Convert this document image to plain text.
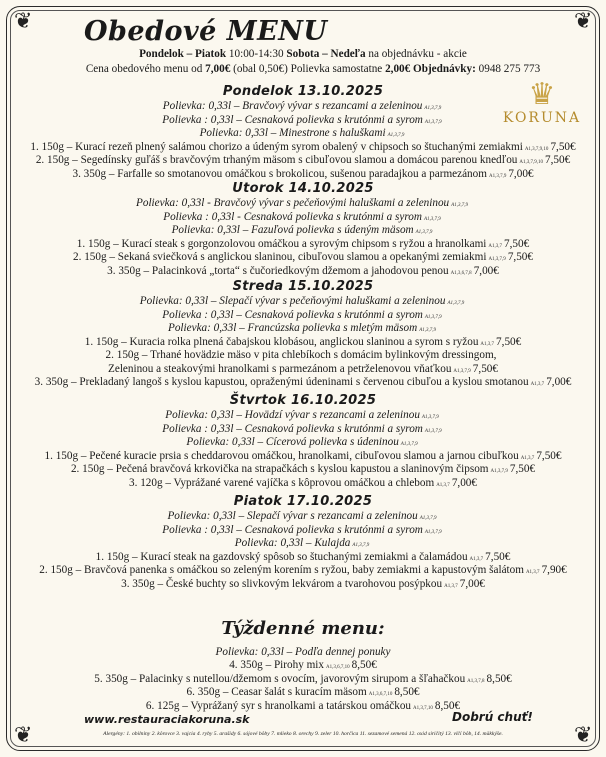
❦	❦
❦	❦
Obedové MENU
Pondelok – Piatok 10:00-14:30 Sobota – Nedeľa na objednávku - akcie
Cena obedového menu od 7,00€ (obal 0,50€) Polievka samostatne 2,00€ Objednávky: 0948 275 773
♛
KORUNA
Pondelok 13.10.2025
Polievka: 0,33l – Bravčový vývar s rezancami a zeleninou A1,3,7,9
Polievka : 0,33l – Cesnaková polievka s krutónmi a syrom A1,3,7,9
Polievka: 0,33l – Minestrone s haluškami A1,3,7,9
1. 150g – Kurací rezeň plnený salámou chorizo a údeným syrom obalený v chipsoch so štuchanými zemiakmi A1,3,7,9,10 7,50€
2. 150g – Segedínsky guľáš s bravčovým trhaným mäsom s cibuľovou slamou a domácou parenou knedľou A1,3,7,9,10 7,50€
3. 350g – Farfalle so smotanovou omáčkou s brokolicou, sušenou paradajkou a parmezánom A1,3,7,9 7,00€
Utorok 14.10.2025
Polievka: 0,33l - Bravčový vývar s pečeňovými haluškami a zeleninou A1,3,7,9
Polievka : 0,33l - Cesnaková polievka s krutónmi a syrom A1,3,7,9
Polievka: 0,33l – Fazuľová polievka s údeným mäsom A1,3,7,9
1. 150g – Kurací steak s gorgonzolovou omáčkou a syrovým chipsom s ryžou a hranolkami A1,3,7 7,50€
2. 150g – Sekaná sviečková s anglickou slaninou, cibuľovou slamou a opekanými zemiakmi A1,3,7,9 7,50€
3. 350g – Palacinková „torta“ s čučoriedkovým džemom a jahodovou penou A1,3,6,7,8 7,00€
Streda 15.10.2025
Polievka: 0,33l – Slepačí vývar s pečeňovými haluškami a zeleninou A1,3,7,9
Polievka : 0,33l – Cesnaková polievka s krutónmi a syrom A1,3,7,9
Polievka: 0,33l – Francúzska polievka s mletým mäsom A1,3,7,9
1. 150g – Kuracia rolka plnená čabajskou klobásou, anglickou slaninou a syrom s ryžou A1,3,7 7,50€
2. 150g – Trhané hovädzie mäso v pita chlebíkoch s domácim bylinkovým dressingom,
Zeleninou a steakovými hranolkami s parmezánom a petrželenovou vňaťkou A1,3,7,9 7,50€
3. 350g – Prekladaný langoš s kyslou kapustou, opraženými údeninami s červenou cibuľou a kyslou smotanou A1,3,7 7,00€
Štvrtok 16.10.2025
Polievka: 0,33l – Hovädzí vývar s rezancami a zeleninou A1,3,7,9
Polievka : 0,33l – Cesnaková polievka s krutónmi a syrom A1,3,7,9
Polievka: 0,33l – Cícerová polievka s údeninou A1,3,7,9
1. 150g – Pečené kuracie prsia s cheddarovou omáčkou, hranolkami, cibuľovou slamou a jarnou cibuľkou A1,3,7 7,50€
2. 150g – Pečená bravčová krkovička na strapačkách s kyslou kapustou a slaninovým čipsom A1,3,7,9 7,50€
3. 120g – Vyprážané varené vajíčka s kôprovou omáčkou a chlebom A1,3,7 7,00€
Piatok 17.10.2025
Polievka: 0,33l – Slepačí vývar s rezancami a zeleninou A1,3,7,9
Polievka : 0,33l – Cesnaková polievka s krutónmi a syrom A1,3,7,9
Polievka: 0,33l – Kulajda A1,3,7,9
1. 150g – Kurací steak na gazdovský spôsob so štuchanými zemiakmi a čalamádou A1,3,7 7,50€
2. 150g – Bravčová panenka s omáčkou so zeleným korením s ryžou, baby zemiakmi a kapustovým šalátom A1,3,7 7,90€
3. 350g – České buchty so slivkovým lekvárom a tvarohovou posýpkou A1,3,7 7,00€
Týždenné menu:
Polievka: 0,33l – Podľa dennej ponuky
4. 350g – Pirohy mix A1,3,6,7,10 8,50€
5. 350g – Palacinky s nutellou/džemom s ovocím, javorovým sirupom a šľahačkou A1,3,7,8 8,50€
6. 350g – Ceasar šalát s kuracím mäsom A1,3,6,7,10 8,50€
6. 125g – Vyprážaný syr s hranolkami a tatárskou omáčkou A1,3,7,10 8,50€
www.restauraciakoruna.sk	Dobrú chuť!
Alergény: 1. obilniny 2. kôrovce 3. vajcia 4. ryby 5. arašidy 6. sójové bôby 7. mlieko 8. orechy 9. zeler 10. horčica 11. sezamové semená 12. oxid siričitý 13. vlčí bôb, 14. mäkkýše.
